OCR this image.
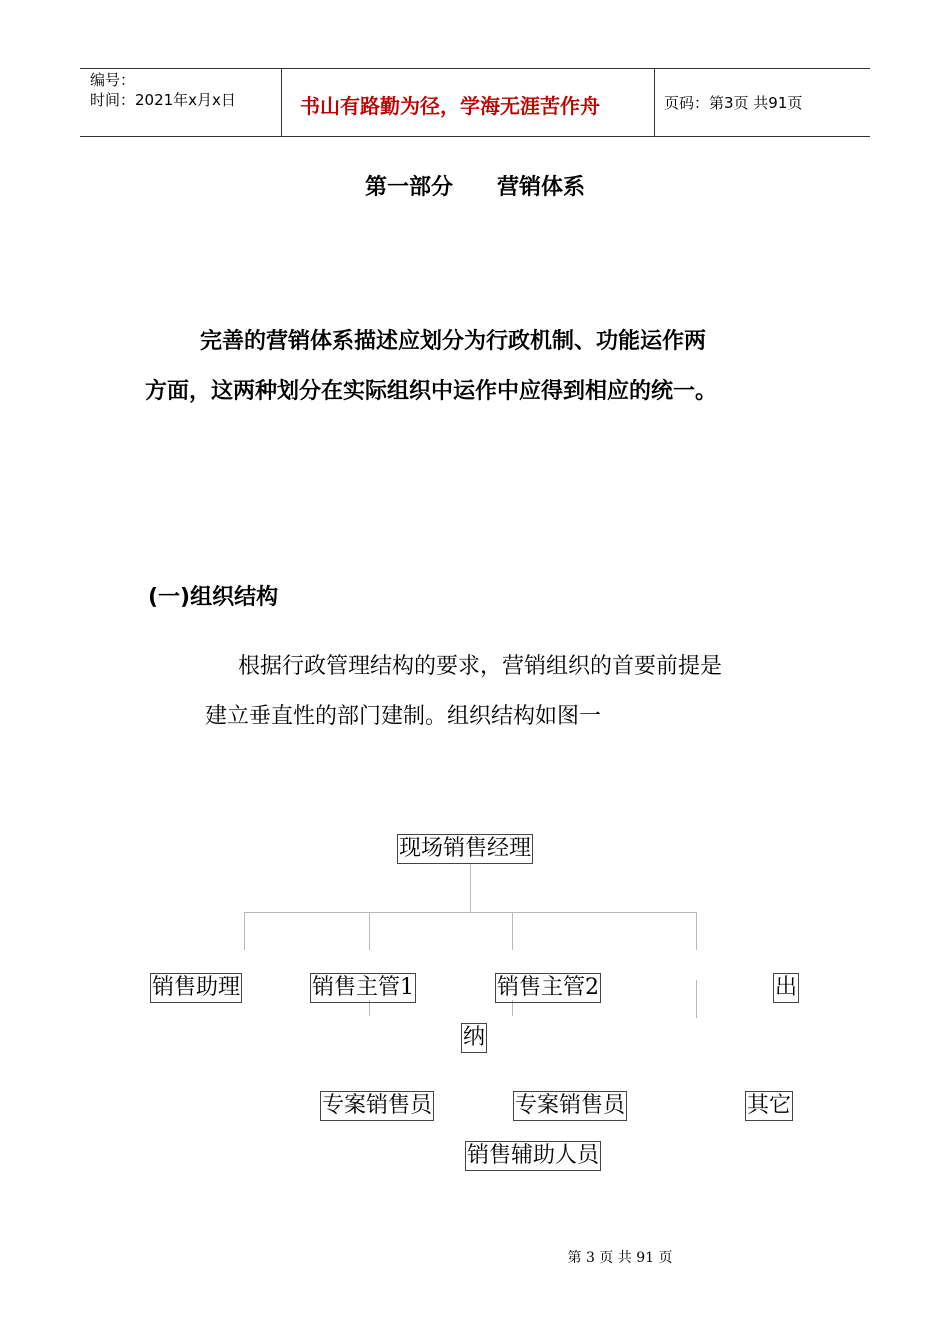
编号：
时间：2021年x月x日	书山有路勤为径，学海无涯苦作舟	页码：第3页 共91页
第一部分　　营销体系
完善的营销体系描述应划分为行政机制、功能运作两
方面，这两种划分在实际组织中运作中应得到相应的统一。
(一)组织结构
根据行政管理结构的要求，营销组织的首要前提是
建立垂直性的部门建制。组织结构如图一
现场销售经理
销售助理	销售主管1	销售主管2	出
纳
专案销售员	专案销售员	其它
销售辅助人员
第 3 页 共 91 页
